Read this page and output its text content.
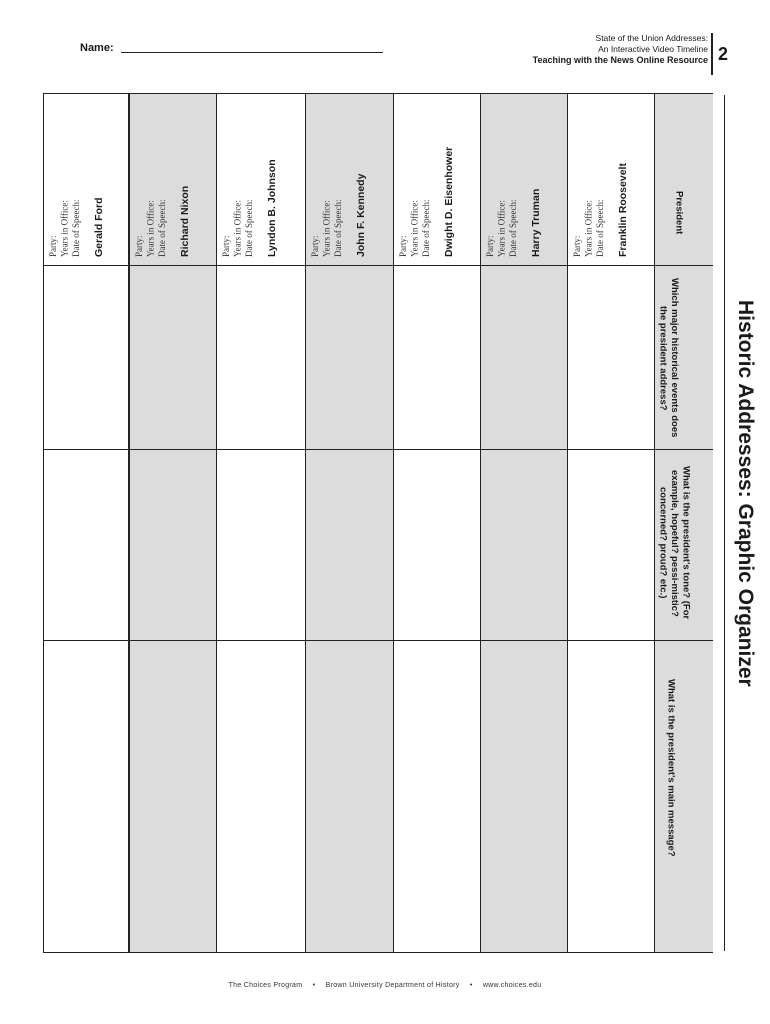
Name:
State of the Union Addresses:
An Interactive Video Timeline
Teaching with the News Online Resource 2
Historic Addresses: Graphic Organizer
President
Which major historical events does the president address?
What is the president's tone? (For example, hopeful? pessi-mistic? concerned? proud? etc.)
What is the president's main message?
Franklin Roosevelt
Party: Years in Office: Date of Speech:
Harry Truman
Party: Years in Office: Date of Speech:
Dwight D. Eisenhower
Party: Years in Office: Date of Speech:
John F. Kennedy
Party: Years in Office: Date of Speech:
Lyndon B. Johnson
Party: Years in Office: Date of Speech:
Richard Nixon
Party: Years in Office: Date of Speech:
Gerald Ford
Party: Years in Office: Date of Speech:
The Choices Program • Brown University Department of History • www.choices.edu
